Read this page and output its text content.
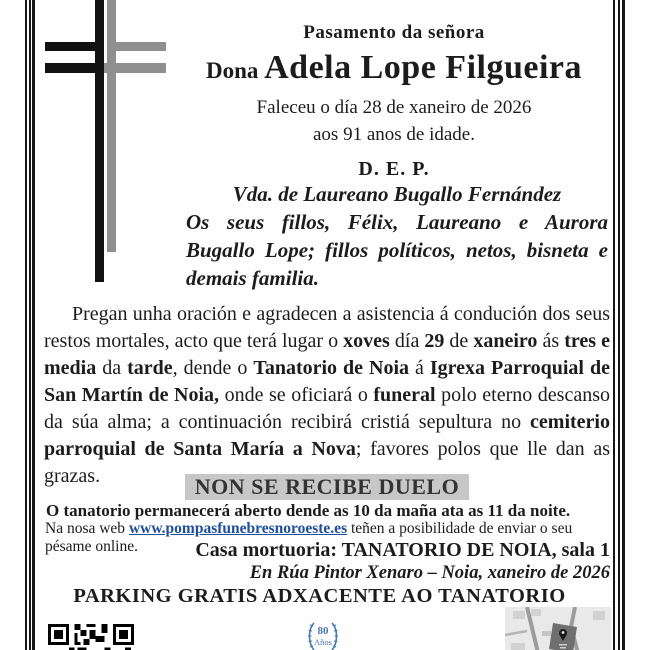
Pasamento da señora
Dona Adela Lope Filgueira
Faleceu o día 28 de xaneiro de 2026
aos 91 anos de idade.
D. E. P.
Vda. de Laureano Bugallo Fernández
Os seus fillos, Félix, Laureano e Aurora Bugallo Lope; fillos políticos, netos, bisneta e demais familia.

Pregan unha oración e agradecen a asistencia á condución dos seus restos mortales, acto que terá lugar o xoves día 29 de xaneiro ás tres e media da tarde, dende o Tanatorio de Noia á Igrexa Parroquial de San Martín de Noia, onde se oficiará o funeral polo eterno descanso da súa alma; a continuación recibirá cristiá sepultura no cemiterio parroquial de Santa María a Nova; favores polos que lle dan as grazas.	NON SE RECIBE DUELO
O tanatorio permanecerá aberto dende as 10 da maña ata as 11 da noite.
Na nosa web www.pompasfunebresnoroeste.es teñen a posibilidade de enviar o seu pésame online.	Casa mortuoria: TANATORIO DE NOIA, sala 1
En Rúa Pintor Xenaro – Noia, xaneiro de 2026
PARKING GRATIS ADXACENTE AO TANATORIO
80
Años
